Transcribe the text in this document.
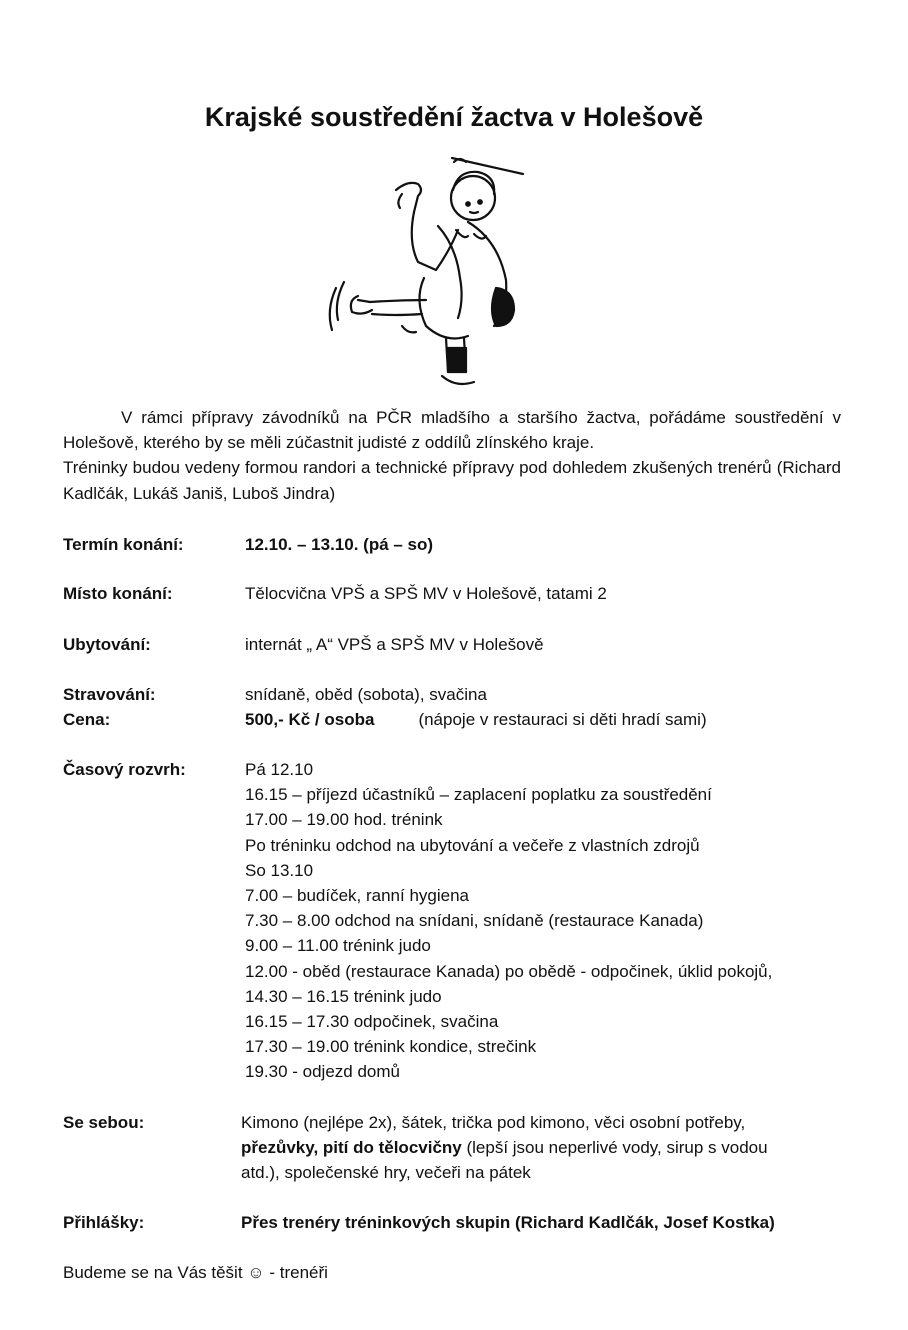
Krajské soustředění žactva v Holešově

V rámci přípravy závodníků na PČR mladšího a staršího žactva, pořádáme soustředění v Holešově, kterého by se měli zúčastnit judisté z oddílů zlínského kraje.

Tréninky budou vedeny formou randori a technické přípravy pod dohledem zkušených trenérů (Richard Kadlčák, Lukáš Janiš, Luboš Jindra)

Termín konání:	12.10. – 13.10. (pá – so)
Místo konání:	Tělocvična VPŠ a SPŠ MV v Holešově, tatami 2
Ubytování:	internát „ A“ VPŠ a SPŠ MV v Holešově
Stravování:	snídaně, oběd (sobota), svačina
Cena:	500,- Kč / osoba	(nápoje v restauraci si děti hradí sami)
Časový rozvrh:	Pá 12.10
16.15 – příjezd účastníků – zaplacení poplatku za soustředění
17.00 – 19.00 hod. trénink
Po tréninku odchod na ubytování a večeře z vlastních zdrojů
So 13.10
7.00 – budíček, ranní hygiena
7.30 – 8.00 odchod na snídani, snídaně (restaurace Kanada)
9.00 – 11.00 trénink judo
12.00 - oběd (restaurace Kanada) po obědě - odpočinek, úklid pokojů,
14.30 – 16.15 trénink judo
16.15 – 17.30 odpočinek, svačina
17.30 – 19.00 trénink kondice, strečink
19.30 - odjezd domů
Se sebou:	Kimono (nejlépe 2x), šátek, trička pod kimono, věci osobní potřeby,
přezůvky, pití do tělocvičny (lepší jsou neperlivé vody, sirup s vodou
atd.), společenské hry, večeři na pátek
Přihlášky:	Přes trenéry tréninkových skupin (Richard Kadlčák, Josef Kostka)
Budeme se na Vás těšit ☺ - trenéři
